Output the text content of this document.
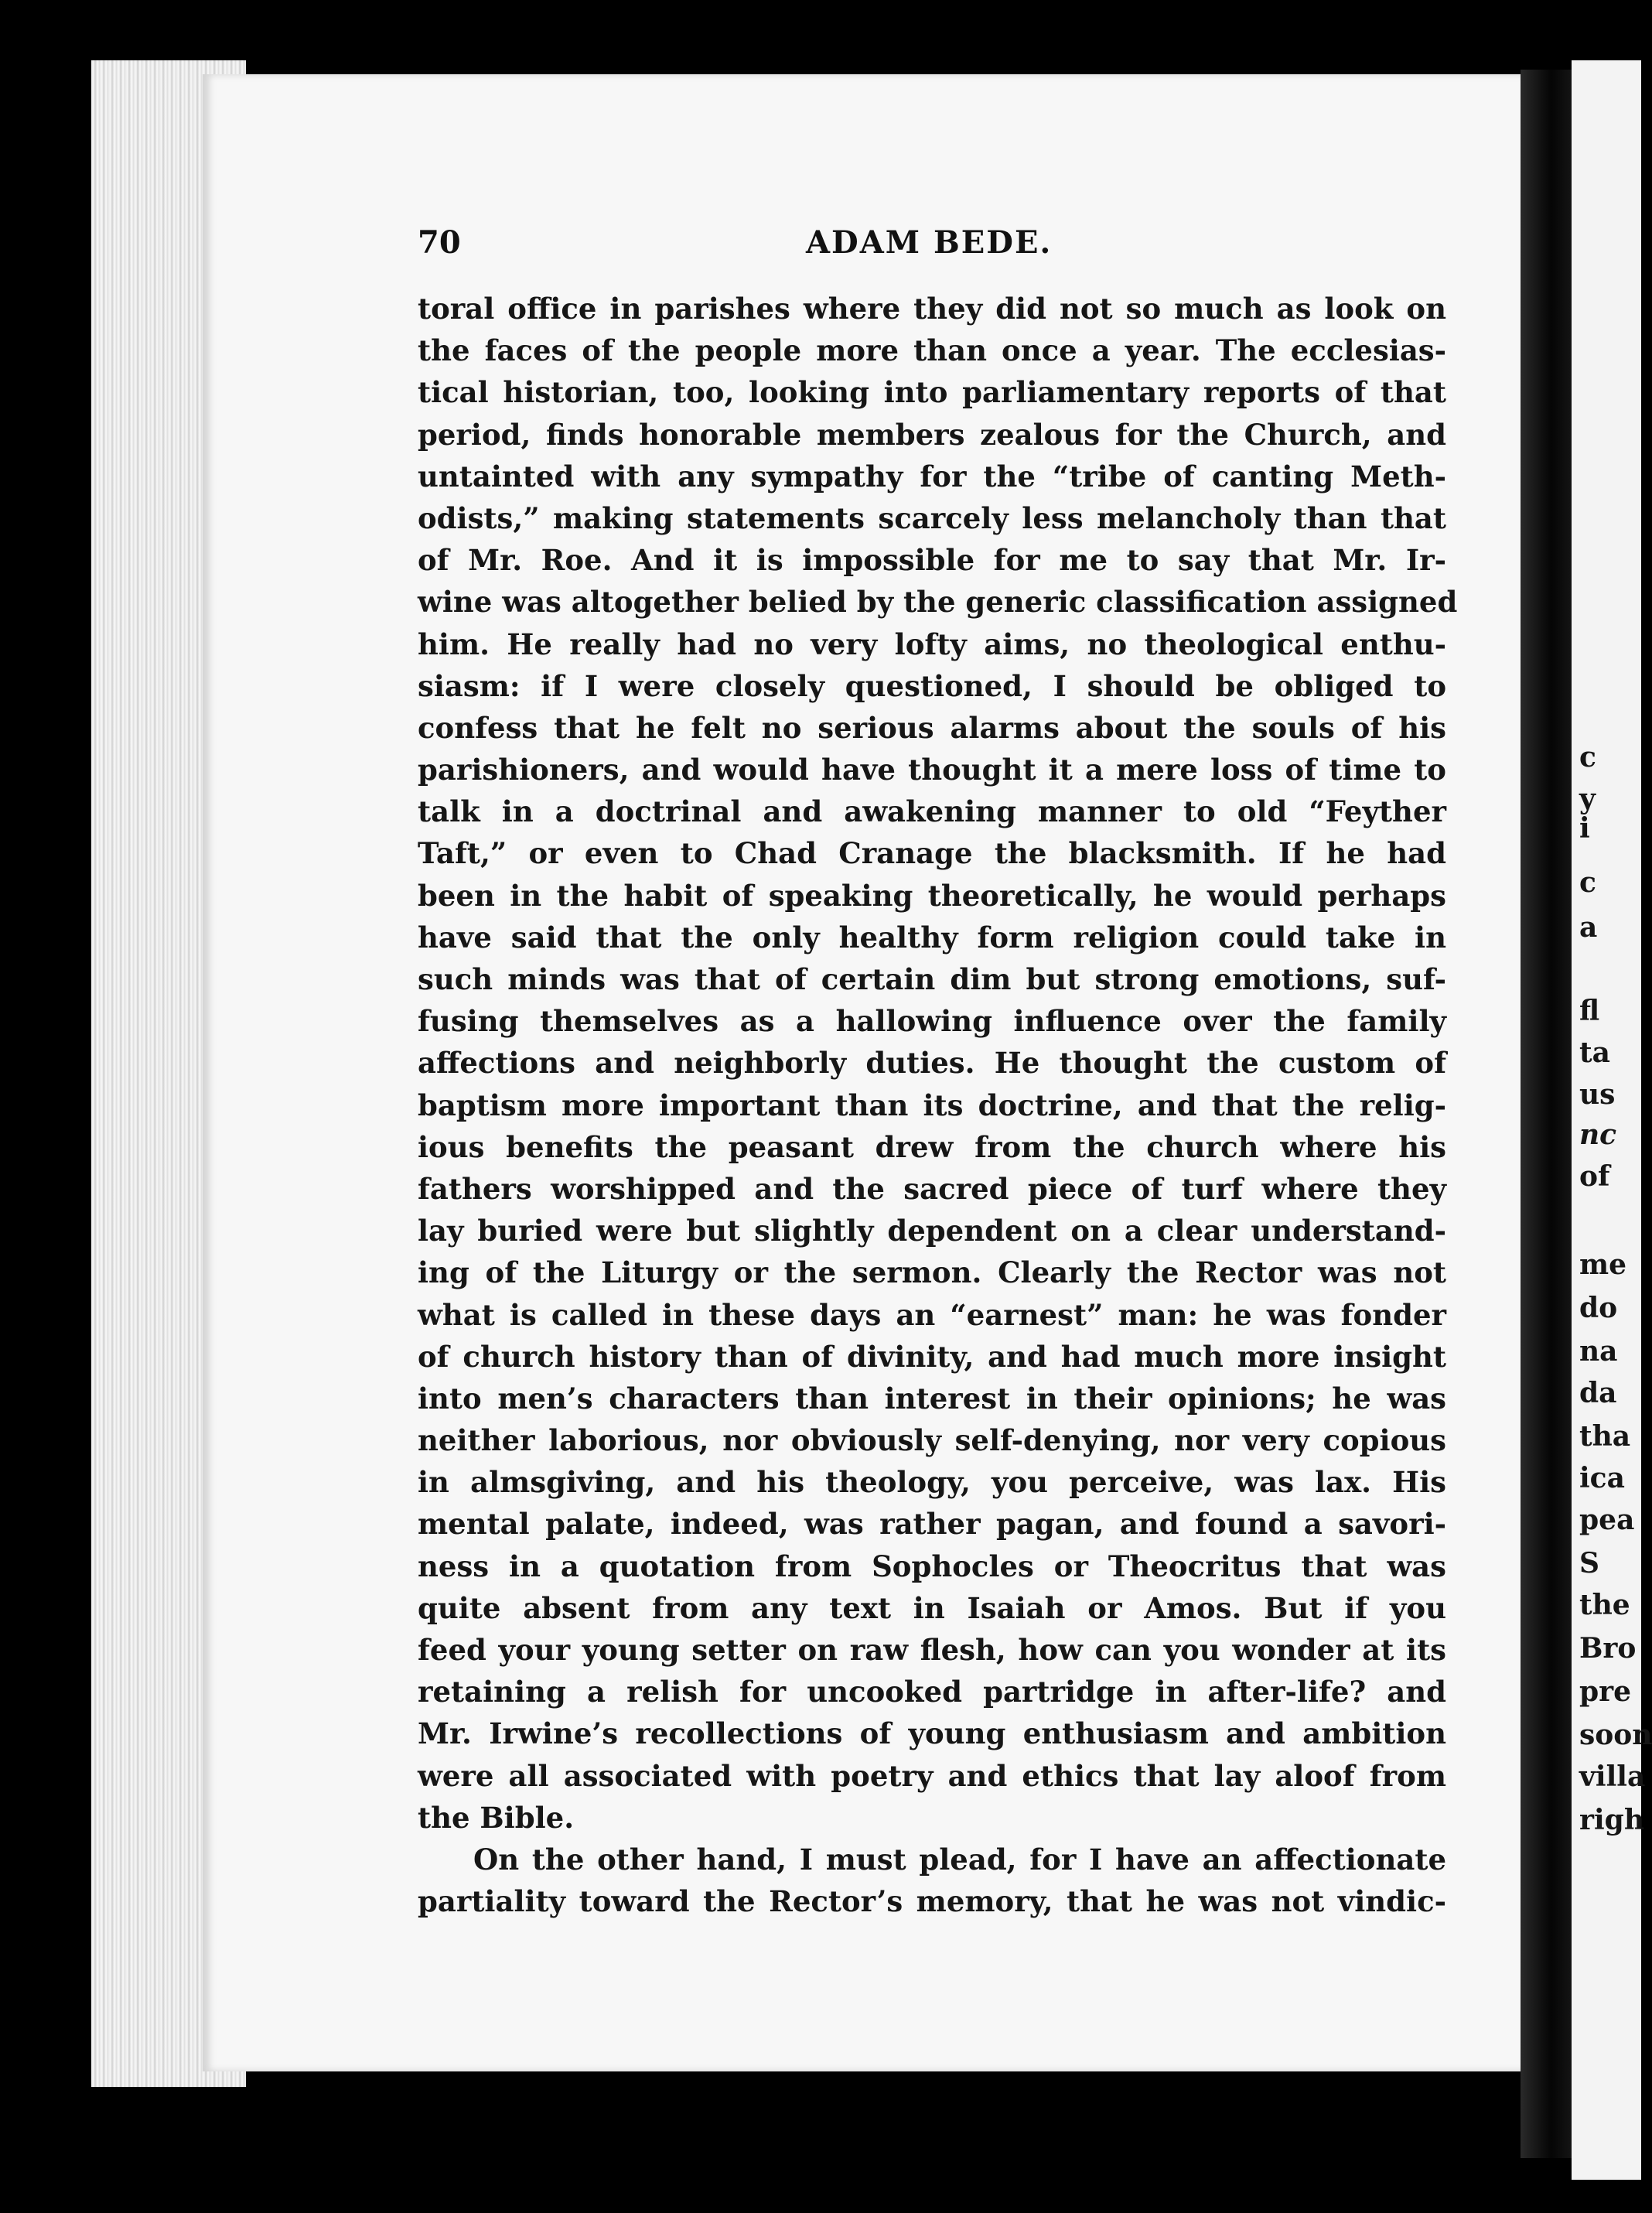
70	ADAM BEDE.
toral office in parishes where they did not so much as look on
the faces of the people more than once a year. The ecclesias-
tical historian, too, looking into parliamentary reports of that
period, finds honorable members zealous for the Church, and
untainted with any sympathy for the “tribe of canting Meth-
odists,” making statements scarcely less melancholy than that
of Mr. Roe. And it is impossible for me to say that Mr. Ir-
wine was altogether belied by the generic classification assigned
him. He really had no very lofty aims, no theological enthu-
siasm: if I were closely questioned, I should be obliged to
confess that he felt no serious alarms about the souls of his
parishioners, and would have thought it a mere loss of time to
talk in a doctrinal and awakening manner to old “Feyther
Taft,” or even to Chad Cranage the blacksmith. If he had
been in the habit of speaking theoretically, he would perhaps
have said that the only healthy form religion could take in
such minds was that of certain dim but strong emotions, suf-
fusing themselves as a hallowing influence over the family
affections and neighborly duties. He thought the custom of
baptism more important than its doctrine, and that the relig-
ious benefits the peasant drew from the church where his
fathers worshipped and the sacred piece of turf where they
lay buried were but slightly dependent on a clear understand-
ing of the Liturgy or the sermon. Clearly the Rector was not
what is called in these days an “earnest” man: he was fonder
of church history than of divinity, and had much more insight
into men’s characters than interest in their opinions; he was
neither laborious, nor obviously self-denying, nor very copious
in almsgiving, and his theology, you perceive, was lax. His
mental palate, indeed, was rather pagan, and found a savori-
ness in a quotation from Sophocles or Theocritus that was
quite absent from any text in Isaiah or Amos. But if you
feed your young setter on raw flesh, how can you wonder at its
retaining a relish for uncooked partridge in after-life? and
Mr. Irwine’s recollections of young enthusiasm and ambition
were all associated with poetry and ethics that lay aloof from
the Bible.
On the other hand, I must plead, for I have an affectionate
partiality toward the Rector’s memory, that he was not vindic-
c
y
i
c
a
fl
ta
us
nc
of
me
do
na
da
tha
ica
pea
S
the
Bro
pre
soon
villa
righ
